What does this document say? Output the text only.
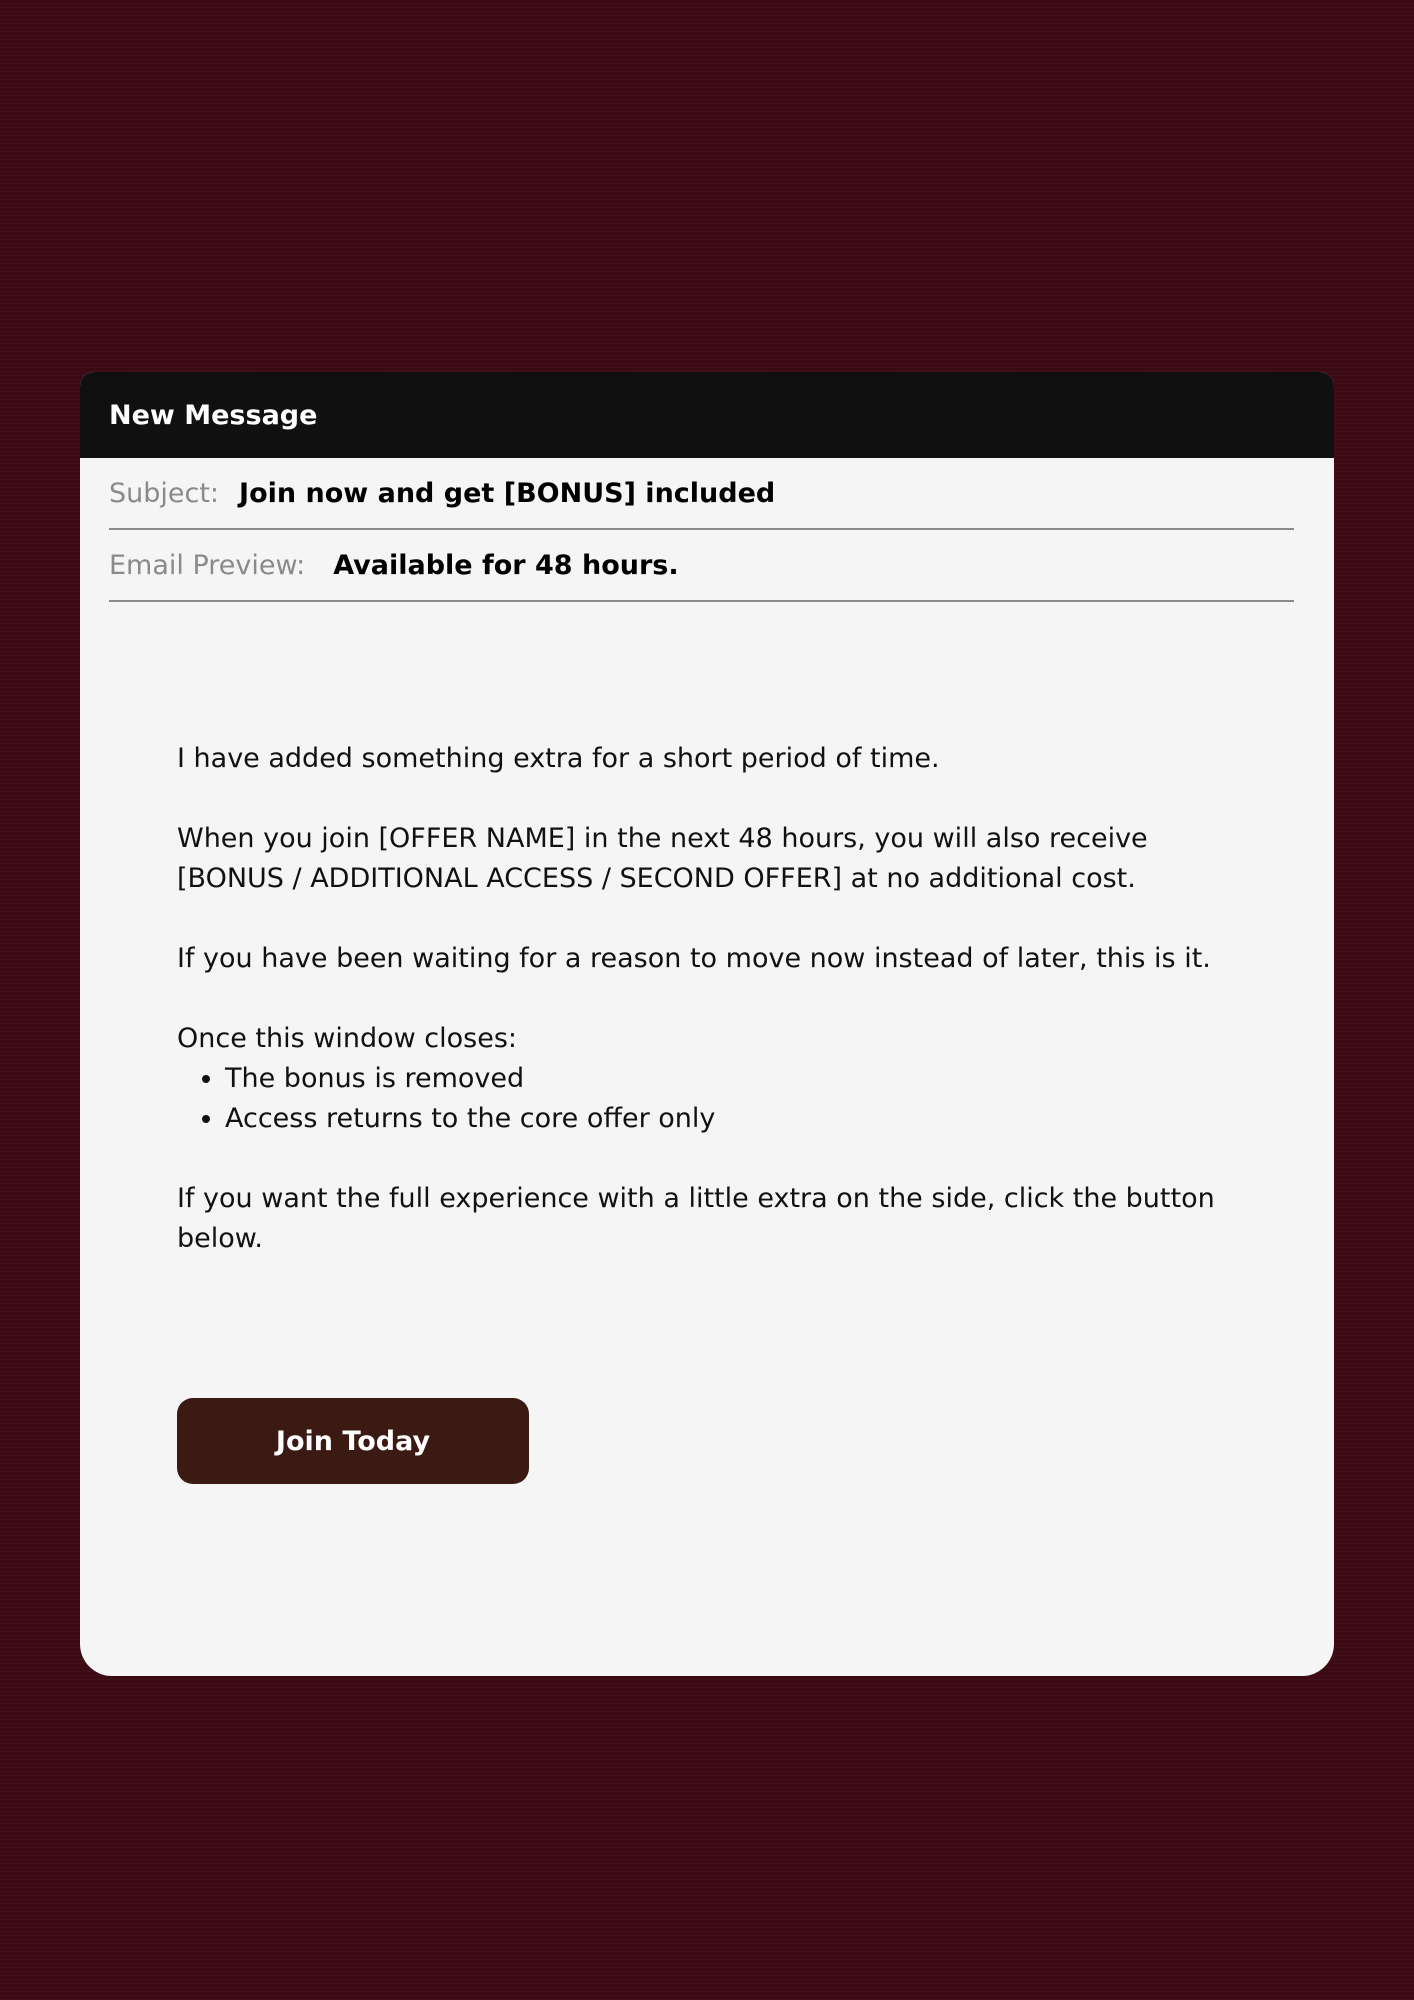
New Message
Subject: Join now and get [BONUS] included
Email Preview: Available for 48 hours.

I have added something extra for a short period of time.

When you join [OFFER NAME] in the next 48 hours, you will also receive [BONUS / ADDITIONAL ACCESS / SECOND OFFER] at no additional cost.

If you have been waiting for a reason to move now instead of later, this is it.

Once this window closes:

• The bonus is removed
• Access returns to the core offer only

If you want the full experience with a little extra on the side, click the button below.

Join Today
